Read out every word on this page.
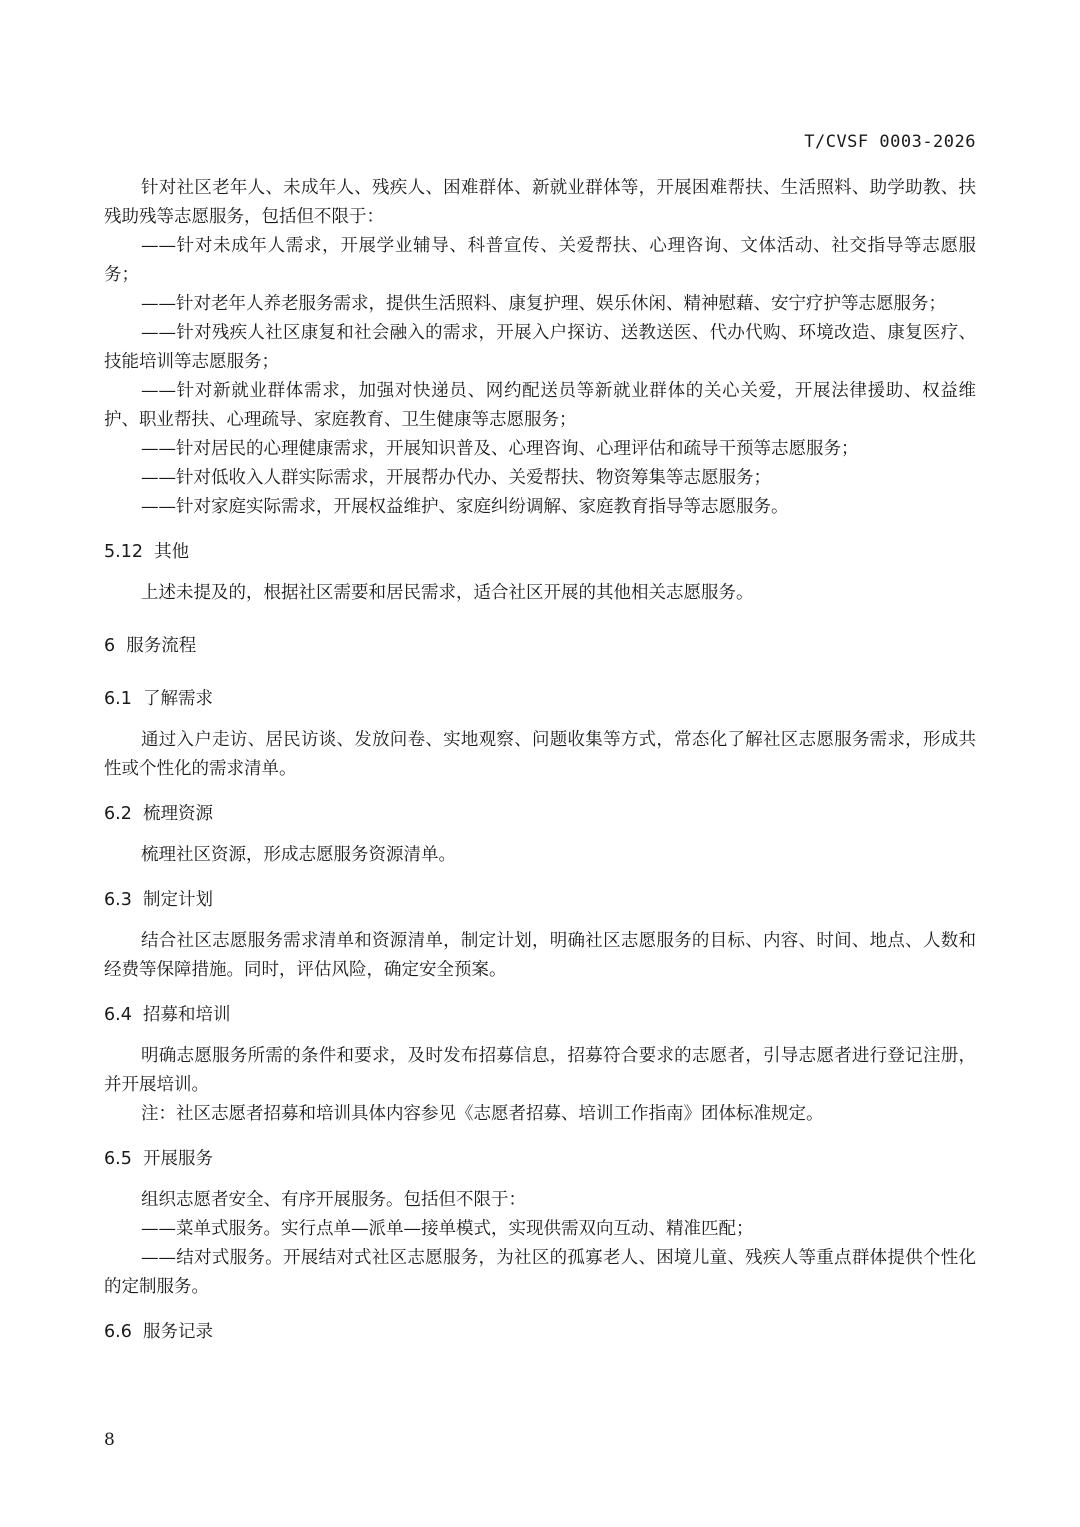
T/CVSF 0003-2026

针对社区老年人、未成年人、残疾人、困难群体、新就业群体等，开展困难帮扶、生活照料、助学助教、扶残助残等志愿服务，包括但不限于：

——针对未成年人需求，开展学业辅导、科普宣传、关爱帮扶、心理咨询、文体活动、社交指导等志愿服务；

——针对老年人养老服务需求，提供生活照料、康复护理、娱乐休闲、精神慰藉、安宁疗护等志愿服务；

——针对残疾人社区康复和社会融入的需求，开展入户探访、送教送医、代办代购、环境改造、康复医疗、技能培训等志愿服务；

——针对新就业群体需求，加强对快递员、网约配送员等新就业群体的关心关爱，开展法律援助、权益维护、职业帮扶、心理疏导、家庭教育、卫生健康等志愿服务；

——针对居民的心理健康需求，开展知识普及、心理咨询、心理评估和疏导干预等志愿服务；

——针对低收入人群实际需求，开展帮办代办、关爱帮扶、物资筹集等志愿服务；

——针对家庭实际需求，开展权益维护、家庭纠纷调解、家庭教育指导等志愿服务。

5.12  其他

上述未提及的，根据社区需要和居民需求，适合社区开展的其他相关志愿服务。

6  服务流程

6.1  了解需求

通过入户走访、居民访谈、发放问卷、实地观察、问题收集等方式，常态化了解社区志愿服务需求，形成共性或个性化的需求清单。

6.2  梳理资源

梳理社区资源，形成志愿服务资源清单。

6.3  制定计划

结合社区志愿服务需求清单和资源清单，制定计划，明确社区志愿服务的目标、内容、时间、地点、人数和经费等保障措施。同时，评估风险，确定安全预案。

6.4  招募和培训

明确志愿服务所需的条件和要求，及时发布招募信息，招募符合要求的志愿者，引导志愿者进行登记注册，并开展培训。

注：社区志愿者招募和培训具体内容参见《志愿者招募、培训工作指南》团体标准规定。

6.5  开展服务

组织志愿者安全、有序开展服务。包括但不限于：

——菜单式服务。实行点单—派单—接单模式，实现供需双向互动、精准匹配；

——结对式服务。开展结对式社区志愿服务，为社区的孤寡老人、困境儿童、残疾人等重点群体提供个性化的定制服务。

6.6  服务记录

8
